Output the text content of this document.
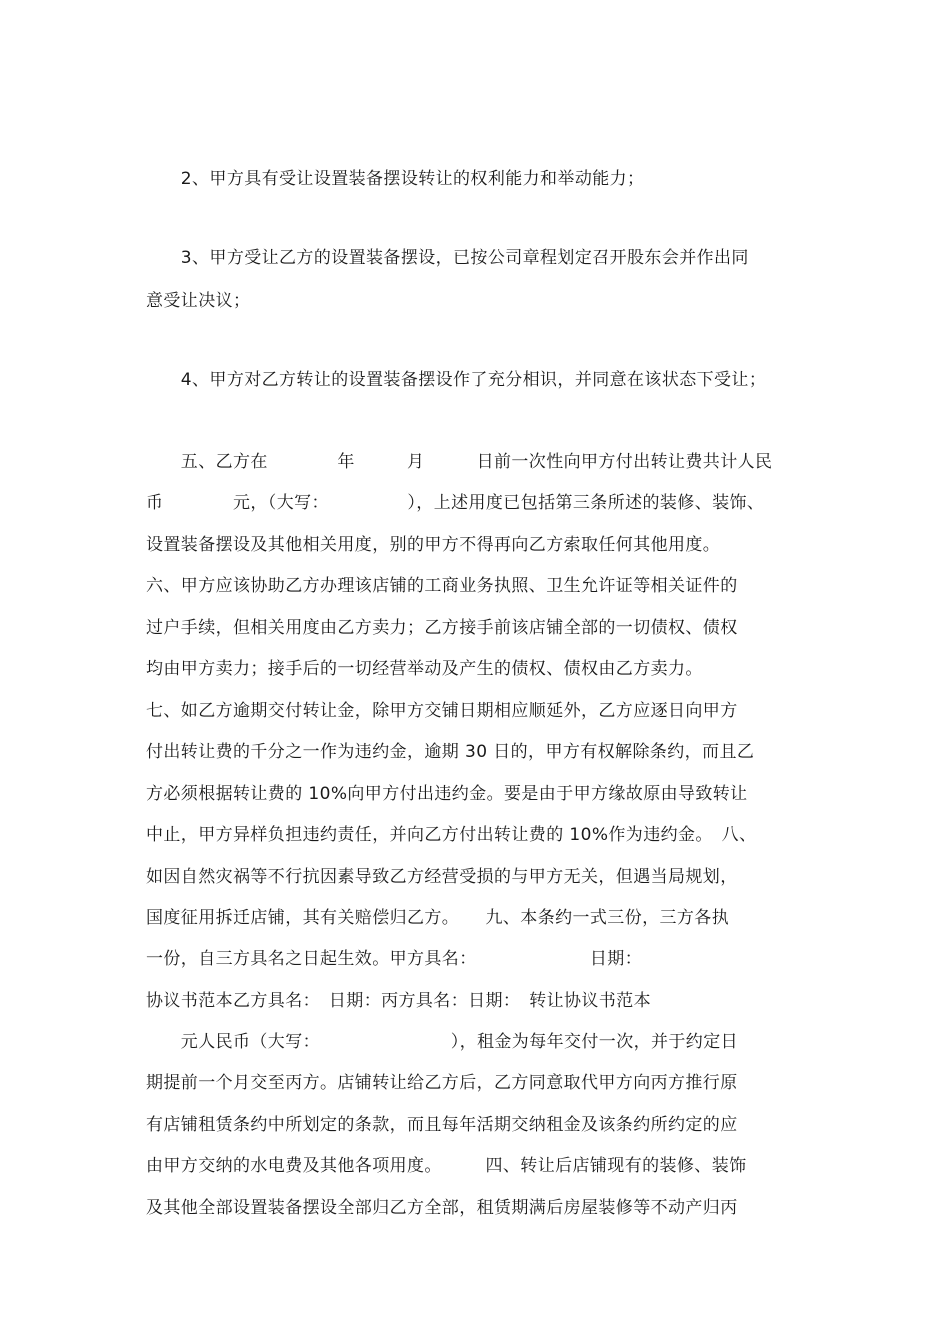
　　2、甲方具有受让设置装备摆设转让的权利能力和举动能力；
　　3、甲方受让乙方的设置装备摆设，已按公司章程划定召开股东会并作出同
意受让决议；
　　4、甲方对乙方转让的设置装备摆设作了充分相识，并同意在该状态下受让；
　　五、乙方在　　　　年　　　月　　　日前一次性向甲方付出转让费共计人民
币　　　　元，（大写：　　　　　），上述用度已包括第三条所述的装修、装饰、
设置装备摆设及其他相关用度，别的甲方不得再向乙方索取任何其他用度。
六、甲方应该协助乙方办理该店铺的工商业务执照、卫生允许证等相关证件的
过户手续，但相关用度由乙方卖力；乙方接手前该店铺全部的一切债权、债权
均由甲方卖力；接手后的一切经营举动及产生的债权、债权由乙方卖力。
七、如乙方逾期交付转让金，除甲方交铺日期相应顺延外，乙方应逐日向甲方
付出转让费的千分之一作为违约金，逾期 30 日的，甲方有权解除条约，而且乙
方必须根据转让费的 10%向甲方付出违约金。要是由于甲方缘故原由导致转让
中止，甲方异样负担违约责任，并向乙方付出转让费的 10%作为违约金。　八、
如因自然灾祸等不行抗因素导致乙方经营受损的与甲方无关，但遇当局规划，
国度征用拆迁店铺，其有关赔偿归乙方。　　九、本条约一式三份，三方各执
一份，自三方具名之日起生效。甲方具名：　　　　　　　日期：
协议书范本乙方具名：　日期：丙方具名：日期：　转让协议书范本
　　元人民币（大写：　　　　　　　　），租金为每年交付一次，并于约定日
期提前一个月交至丙方。店铺转让给乙方后，乙方同意取代甲方向丙方推行原
有店铺租赁条约中所划定的条款，而且每年活期交纳租金及该条约所约定的应
由甲方交纳的水电费及其他各项用度。　　　四、转让后店铺现有的装修、装饰
及其他全部设置装备摆设全部归乙方全部，租赁期满后房屋装修等不动产归丙
